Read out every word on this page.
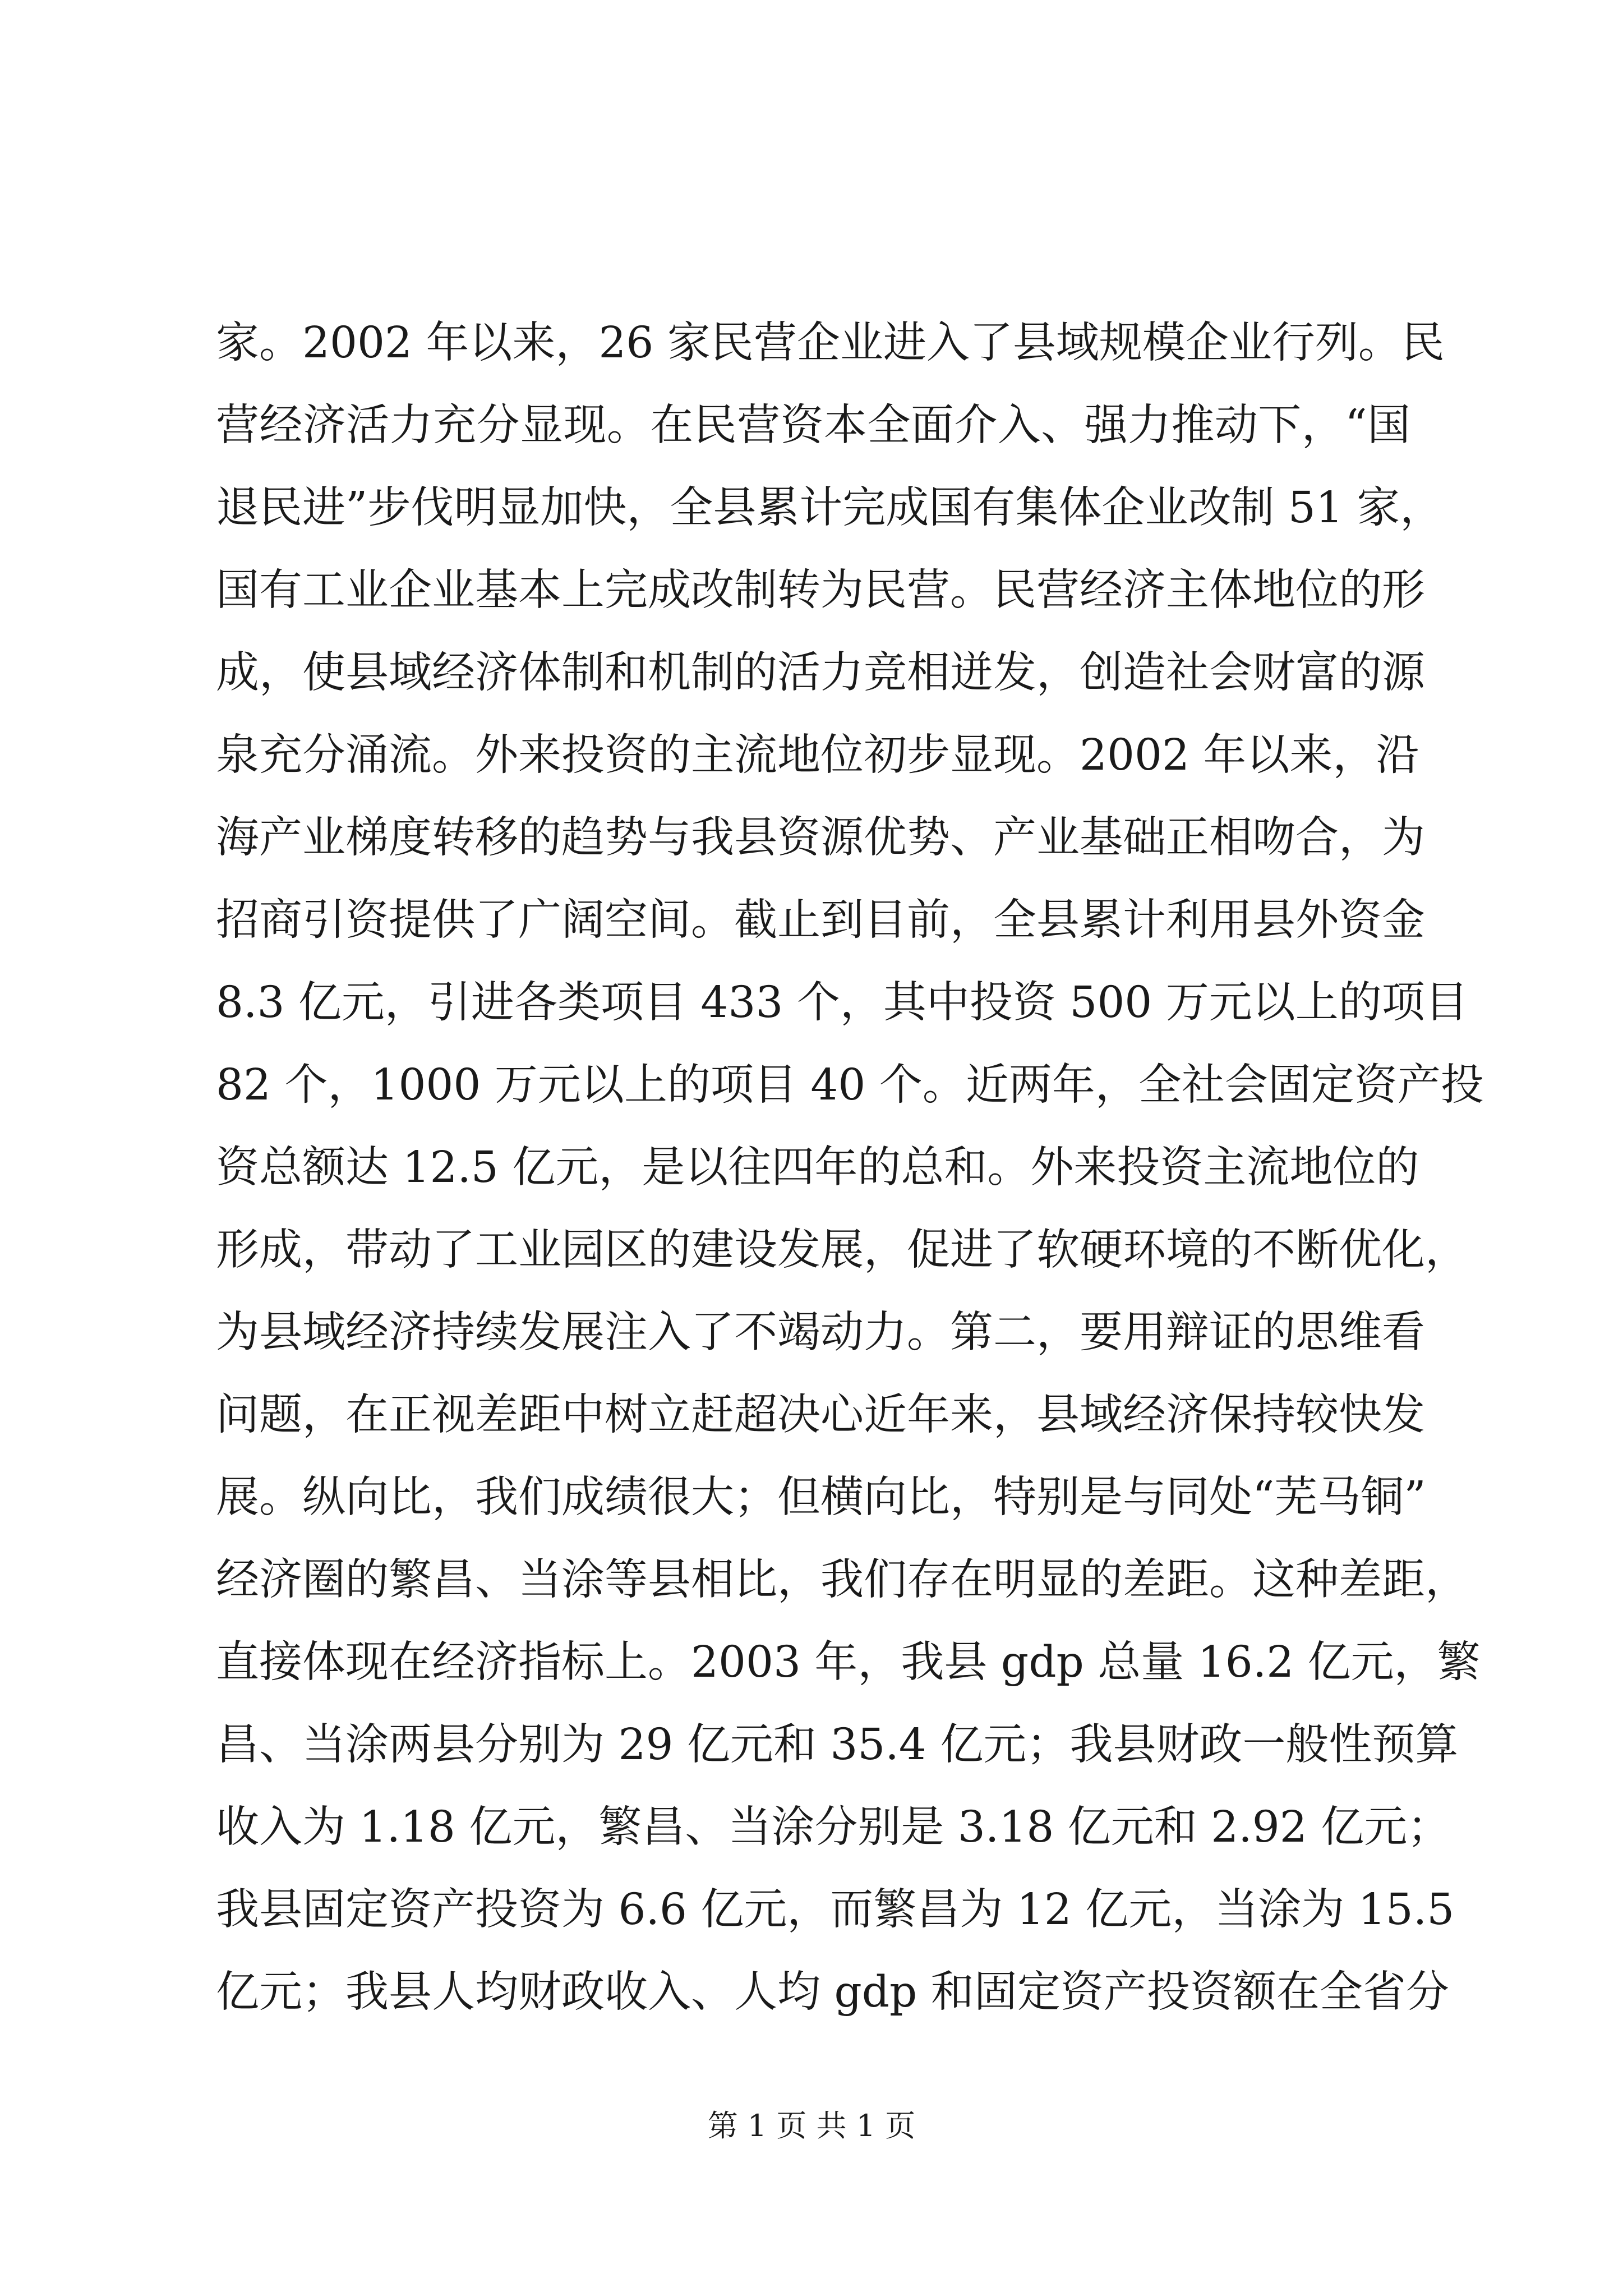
家。2002 年以来，26 家民营企业进入了县域规模企业行列。民
营经济活力充分显现。在民营资本全面介入、强力推动下，“国
退民进”步伐明显加快，全县累计完成国有集体企业改制 51 家，
国有工业企业基本上完成改制转为民营。民营经济主体地位的形
成，使县域经济体制和机制的活力竞相迸发，创造社会财富的源
泉充分涌流。外来投资的主流地位初步显现。2002 年以来，沿
海产业梯度转移的趋势与我县资源优势、产业基础正相吻合，为
招商引资提供了广阔空间。截止到目前，全县累计利用县外资金
8.3 亿元，引进各类项目 433 个，其中投资 500 万元以上的项目
82 个，1000 万元以上的项目 40 个。近两年，全社会固定资产投
资总额达 12.5 亿元，是以往四年的总和。外来投资主流地位的
形成，带动了工业园区的建设发展，促进了软硬环境的不断优化，
为县域经济持续发展注入了不竭动力。第二，要用辩证的思维看
问题，在正视差距中树立赶超决心近年来，县域经济保持较快发
展。纵向比，我们成绩很大；但横向比，特别是与同处“芜马铜”
经济圈的繁昌、当涂等县相比，我们存在明显的差距。这种差距，
直接体现在经济指标上。2003 年，我县 gdp 总量 16.2 亿元，繁
昌、当涂两县分别为 29 亿元和 35.4 亿元；我县财政一般性预算
收入为 1.18 亿元，繁昌、当涂分别是 3.18 亿元和 2.92 亿元；
我县固定资产投资为 6.6 亿元，而繁昌为 12 亿元，当涂为 15.5
亿元；我县人均财政收入、人均 gdp 和固定资产投资额在全省分
第 1 页 共 1 页
